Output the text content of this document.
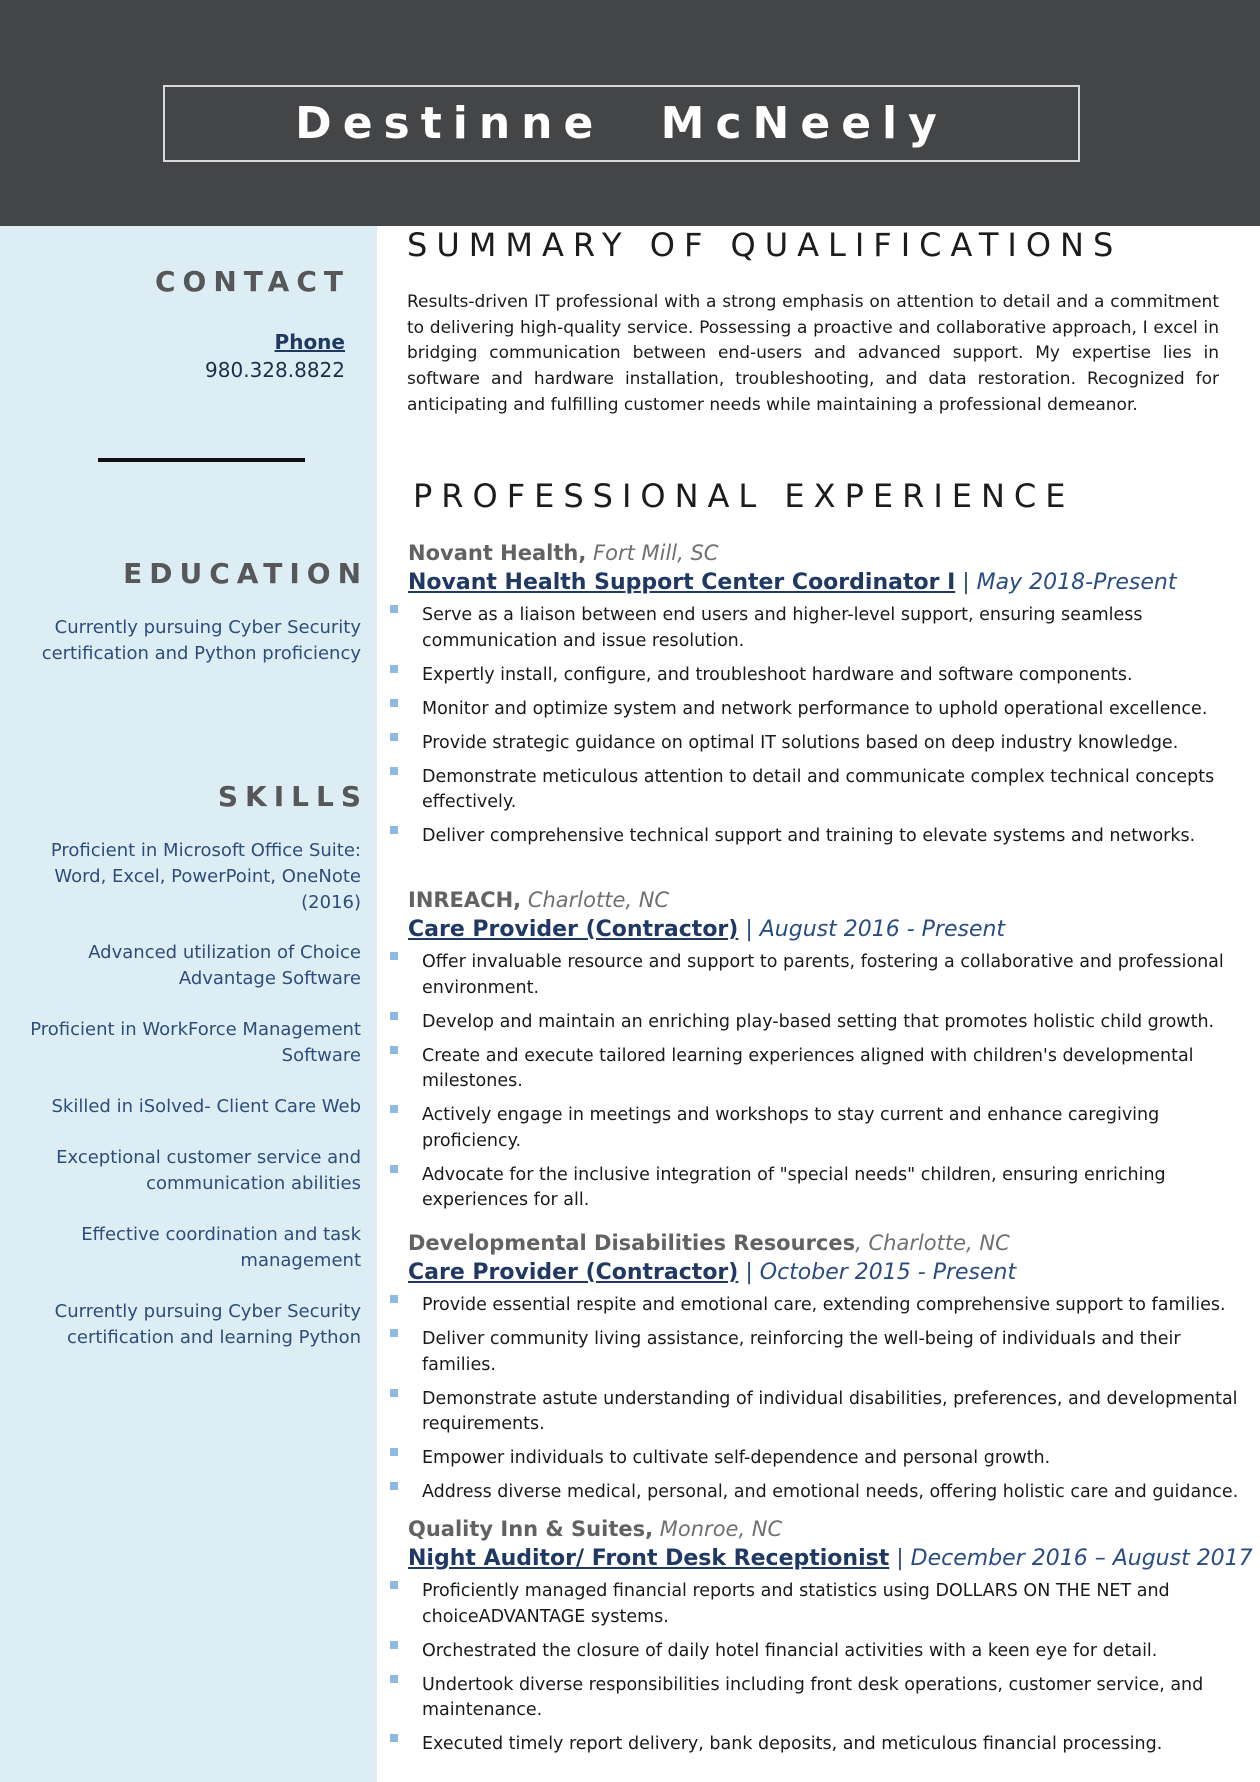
Destinne
McNeely
CONTACT
Phone
980.328.8822
EDUCATION
Currently pursuing Cyber Security
certification and Python proficiency
SKILLS
Proficient in Microsoft Office Suite:
Word, Excel, PowerPoint, OneNote
(2016)
Advanced utilization of Choice
Advantage Software
Proficient in WorkForce Management
Software
Skilled in iSolved- Client Care Web
Exceptional customer service and
communication abilities
Effective coordination and task
management
Currently pursuing Cyber Security
certification and learning Python
SUMMARY OF QUALIFICATIONS

Results-driven IT professional with a strong emphasis on attention to detail and a commitment to delivering high-quality service. Possessing a proactive and collaborative approach, I excel in bridging communication between end-users and advanced support. My expertise lies in software and hardware installation, troubleshooting, and data restoration. Recognized for anticipating and fulfilling customer needs while maintaining a professional demeanor.

PROFESSIONAL EXPERIENCE
Novant Health, Fort Mill, SC
Novant Health Support Center Coordinator I | May 2018-Present
Serve as a liaison between end users and higher-level support, ensuring seamless communication and issue resolution.
Expertly install, configure, and troubleshoot hardware and software components.
Monitor and optimize system and network performance to uphold operational excellence.
Provide strategic guidance on optimal IT solutions based on deep industry knowledge.
Demonstrate meticulous attention to detail and communicate complex technical concepts effectively.
Deliver comprehensive technical support and training to elevate systems and networks.
INREACH, Charlotte, NC
Care Provider (Contractor) | August 2016 - Present
Offer invaluable resource and support to parents, fostering a collaborative and professional environment.
Develop and maintain an enriching play-based setting that promotes holistic child growth.
Create and execute tailored learning experiences aligned with children's developmental milestones.
Actively engage in meetings and workshops to stay current and enhance caregiving proficiency.
Advocate for the inclusive integration of "special needs" children, ensuring enriching experiences for all.
Developmental Disabilities Resources, Charlotte, NC
Care Provider (Contractor) | October 2015 - Present
Provide essential respite and emotional care, extending comprehensive support to families.
Deliver community living assistance, reinforcing the well-being of individuals and their families.
Demonstrate astute understanding of individual disabilities, preferences, and developmental requirements.
Empower individuals to cultivate self-dependence and personal growth.
Address diverse medical, personal, and emotional needs, offering holistic care and guidance.
Quality Inn & Suites, Monroe, NC
Night Auditor/ Front Desk Receptionist | December 2016 – August 2017
Proficiently managed financial reports and statistics using DOLLARS ON THE NET and choiceADVANTAGE systems.
Orchestrated the closure of daily hotel financial activities with a keen eye for detail.
Undertook diverse responsibilities including front desk operations, customer service, and maintenance.
Executed timely report delivery, bank deposits, and meticulous financial processing.
